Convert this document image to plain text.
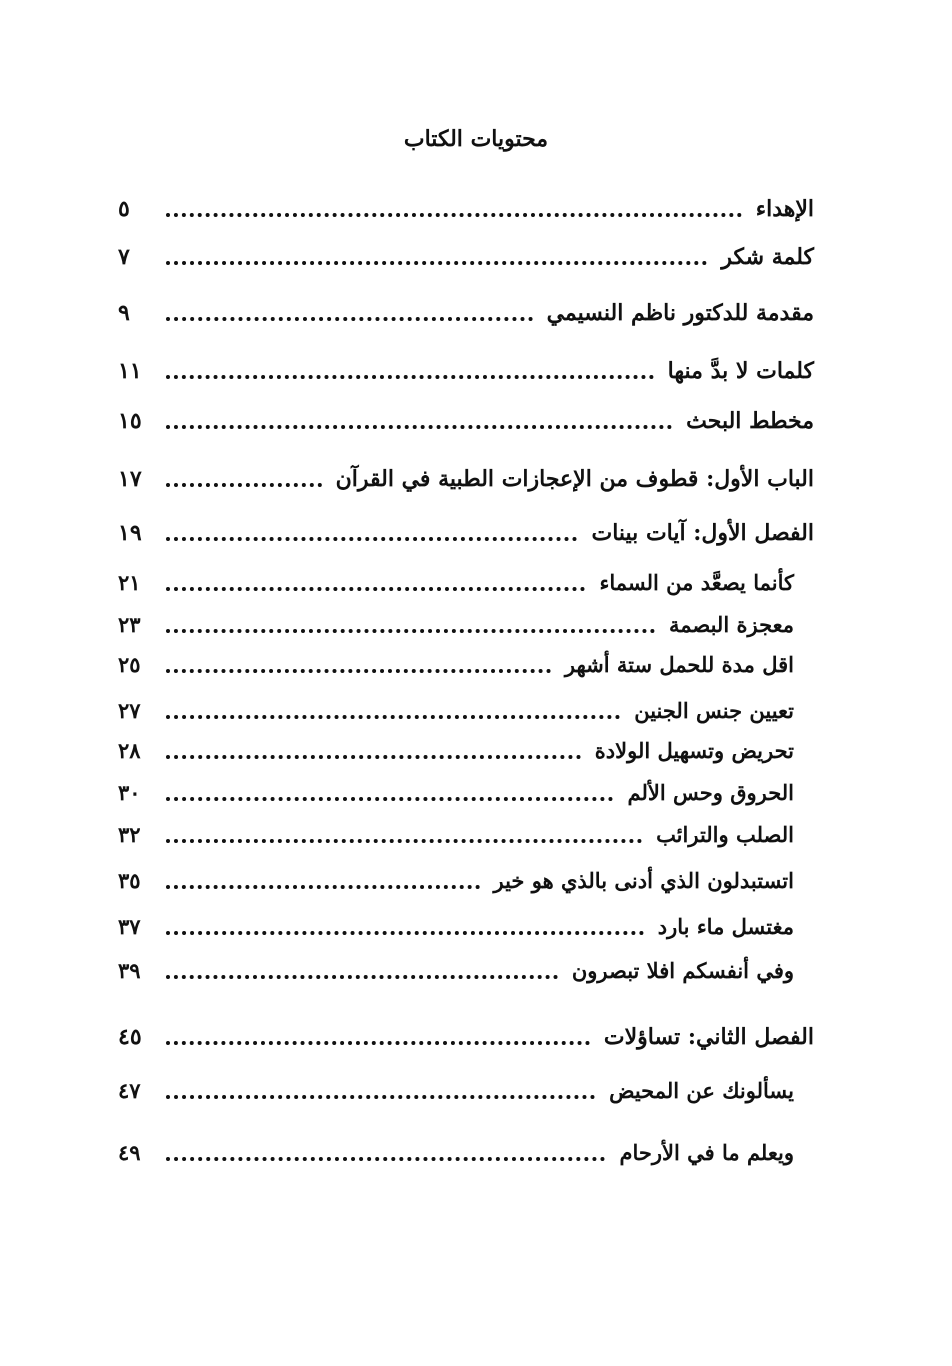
محتويات الكتاب
الإهداء
٥
كلمة شكر
٧
مقدمة للدكتور ناظم النسيمي
٩
كلمات لا بدَّ منها
١١
مخطط البحث
١٥
الباب الأول: قطوف من الإعجازات الطبية في القرآن
١٧
الفصل الأول: آيات بينات
١٩
كأنما يصعَّد من السماء
٢١
معجزة البصمة
٢٣
اقل مدة للحمل ستة أشهر
٢٥
تعيين جنس الجنين
٢٧
تحريض وتسهيل الولادة
٢٨
الحروق وحس الألم
٣٠
الصلب والترائب
٣٢
اتستبدلون الذي أدنى بالذي هو خير
٣٥
مغتسل ماء بارد
٣٧
وفي أنفسكم افلا تبصرون
٣٩
الفصل الثاني: تساؤلات
٤٥
يسألونك عن المحيض
٤٧
ويعلم ما في الأرحام
٤٩
